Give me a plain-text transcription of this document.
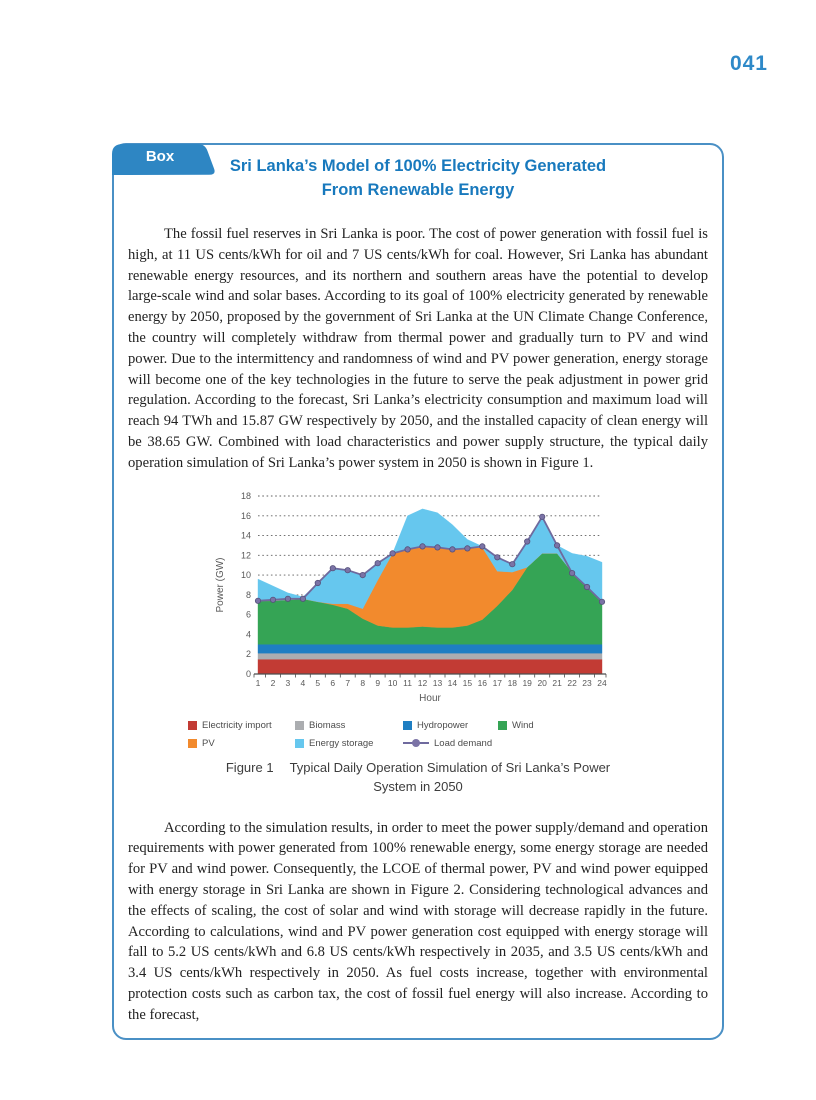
041
Box
Sri Lanka’s Model of 100% Electricity Generated
From Renewable Energy

The fossil fuel reserves in Sri Lanka is poor. The cost of power generation with fossil fuel is high, at 11 US cents/kWh for oil and 7 US cents/kWh for coal. However, Sri Lanka has abundant renewable energy resources, and its northern and southern areas have the potential to develop large-scale wind and solar bases. According to its goal of 100% electricity generated by renewable energy by 2050, proposed by the government of Sri Lanka at the UN Climate Change Conference, the country will completely withdraw from thermal power and gradually turn to PV and wind power. Due to the intermittency and randomness of wind and PV power generation, energy storage will become one of the key technologies in the future to serve the peak adjustment in power grid regulation. According to the forecast, Sri Lanka’s electricity consumption and maximum load will reach 94 TWh and 15.87 GW respectively by 2050, and the installed capacity of clean energy will be 38.65 GW. Combined with load characteristics and power supply structure, the typical daily operation simulation of Sri Lanka’s power system in 2050 is shown in Figure 1.

1 2 3 4 5 6 7 8 9 10 11 12 13 14 15 16 17 18 19 20 21 22 23 24
0
2
4
6
8
10
12
14
16
18
Hour
Power (GW)
Electricity import	Biomass	Hydropower	Wind
PV	Energy storage	Load demand
Figure 1 Typical Daily Operation Simulation of Sri Lanka’s Power
System in 2050

According to the simulation results, in order to meet the power supply/demand and operation requirements with power generated from 100% renewable energy, some energy storage are needed for PV and wind power. Consequently, the LCOE of thermal power, PV and wind power equipped with energy storage in Sri Lanka are shown in Figure 2. Considering technological advances and the effects of scaling, the cost of solar and wind with storage will decrease rapidly in the future. According to calculations, wind and PV power generation cost equipped with energy storage will fall to 5.2 US cents/kWh and 6.8 US cents/kWh respectively in 2035, and 3.5 US cents/kWh and 3.4 US cents/kWh respectively in 2050. As fuel costs increase, together with environmental protection costs such as carbon tax, the cost of fossil fuel energy will also increase. According to the forecast,
